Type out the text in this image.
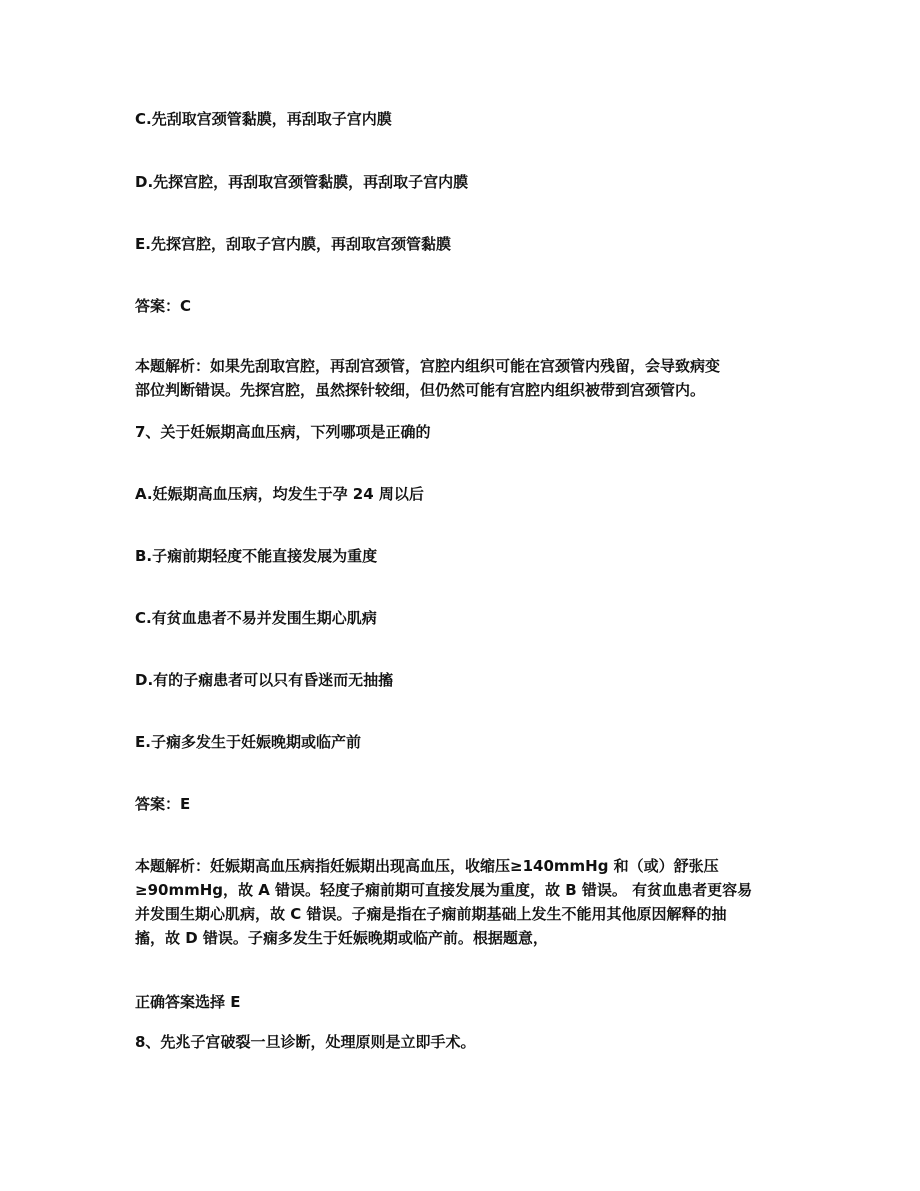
C.先刮取宫颈管黏膜，再刮取子宫内膜
D.先探宫腔，再刮取宫颈管黏膜，再刮取子宫内膜
E.先探宫腔，刮取子宫内膜，再刮取宫颈管黏膜
答案：C
本题解析：如果先刮取宫腔，再刮宫颈管，宫腔内组织可能在宫颈管内残留，会导致病变
部位判断错误。先探宫腔，虽然探针较细，但仍然可能有宫腔内组织被带到宫颈管内。
7、关于妊娠期高血压病，下列哪项是正确的
A.妊娠期高血压病，均发生于孕 24 周以后
B.子痫前期轻度不能直接发展为重度
C.有贫血患者不易并发围生期心肌病
D.有的子痫患者可以只有昏迷而无抽搐
E.子痫多发生于妊娠晚期或临产前
答案：E
本题解析：妊娠期高血压病指妊娠期出现高血压，收缩压≥140mmHg 和（或）舒张压
≥90mmHg，故 A 错误。轻度子痫前期可直接发展为重度，故 B 错误。 有贫血患者更容易
并发围生期心肌病，故 C 错误。子痫是指在子痫前期基础上发生不能用其他原因解释的抽
搐，故 D 错误。子痫多发生于妊娠晚期或临产前。根据题意，
正确答案选择 E
8、先兆子宫破裂一旦诊断，处理原则是立即手术。
